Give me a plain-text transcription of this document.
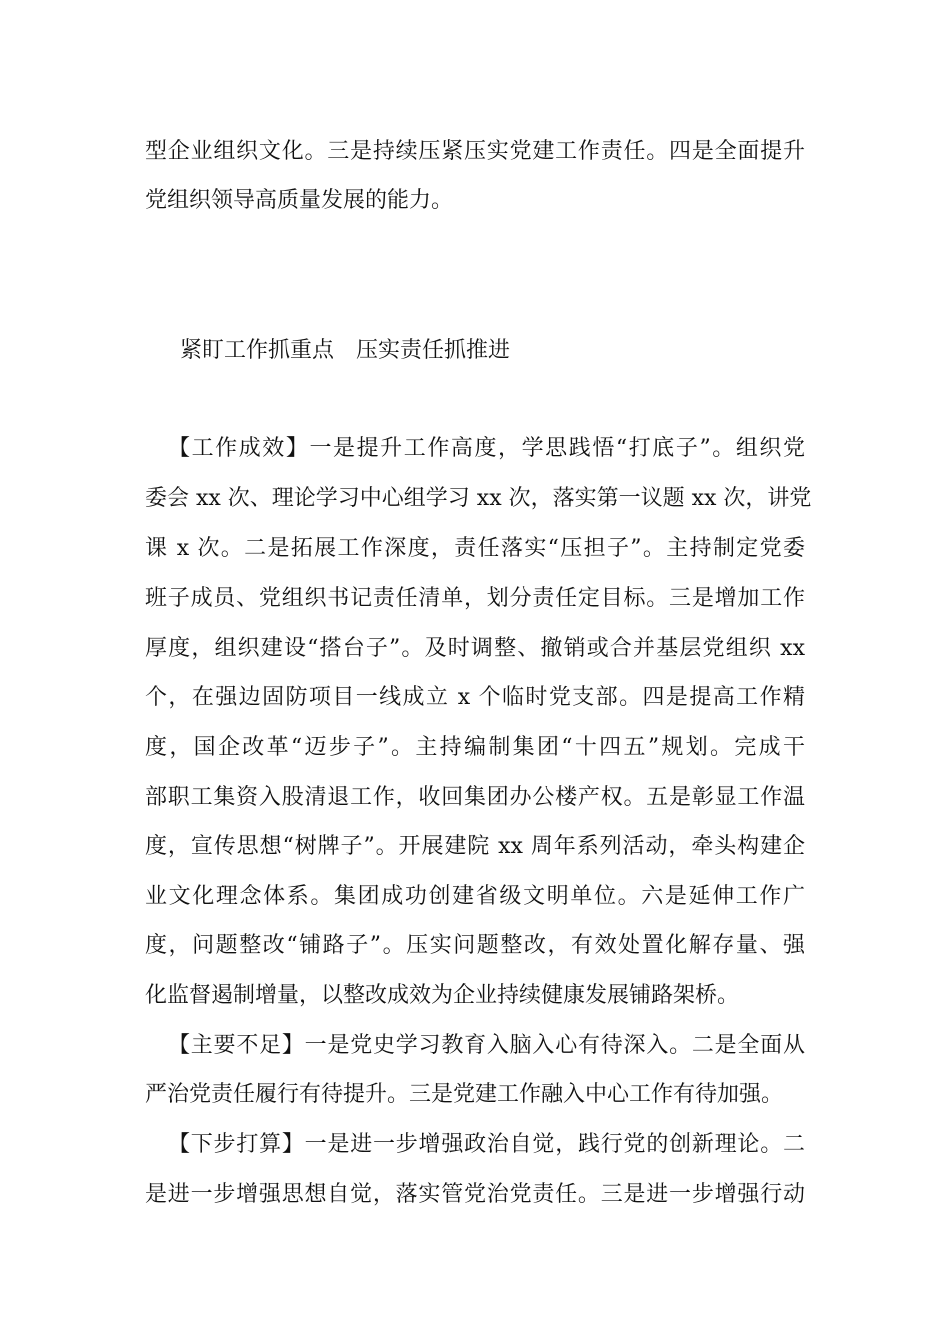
型企业组织文化。三是持续压紧压实党建工作责任。四是全面提升
党组织领导高质量发展的能力。
紧盯工作抓重点　压实责任抓推进
【工作成效】一是提升工作高度，学思践悟“打底子”。组织党
委会 xx 次、理论学习中心组学习 xx 次，落实第一议题 xx 次，讲党
课 x 次。二是拓展工作深度，责任落实“压担子”。主持制定党委
班子成员、党组织书记责任清单，划分责任定目标。三是增加工作
厚度，组织建设“搭台子”。及时调整、撤销或合并基层党组织 xx
个，在强边固防项目一线成立 x 个临时党支部。四是提高工作精
度，国企改革“迈步子”。主持编制集团“十四五”规划。完成干
部职工集资入股清退工作，收回集团办公楼产权。五是彰显工作温
度，宣传思想“树牌子”。开展建院 xx 周年系列活动，牵头构建企
业文化理念体系。集团成功创建省级文明单位。六是延伸工作广
度，问题整改“铺路子”。压实问题整改，有效处置化解存量、强
化监督遏制增量，以整改成效为企业持续健康发展铺路架桥。
【主要不足】一是党史学习教育入脑入心有待深入。二是全面从
严治党责任履行有待提升。三是党建工作融入中心工作有待加强。
【下步打算】一是进一步增强政治自觉，践行党的创新理论。二
是进一步增强思想自觉，落实管党治党责任。三是进一步增强行动
